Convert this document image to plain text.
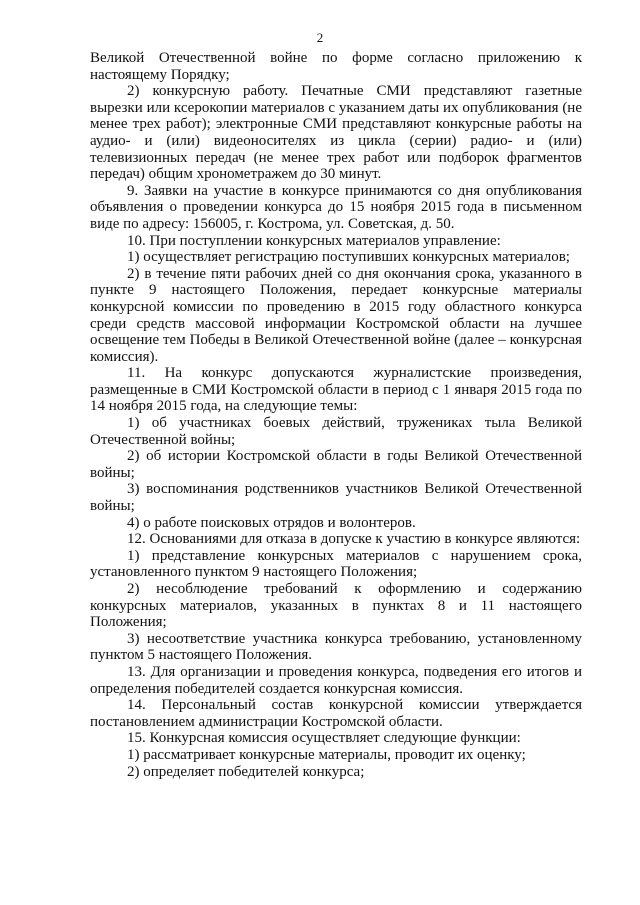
2

Великой Отечественной войне по форме согласно приложению к настоящему Порядку;

2) конкурсную работу. Печатные СМИ представляют газетные вырезки или ксерокопии материалов с указанием даты их опубликования (не менее трех работ); электронные СМИ представляют конкурсные работы на аудио- и (или) видеоносителях из цикла (серии) радио- и (или) телевизионных передач (не менее трех работ или подборок фрагментов передач) общим хронометражем до 30 минут.

9. Заявки на участие в конкурсе принимаются со дня опубликования объявления о проведении конкурса до 15 ноября 2015 года в письменном виде по адресу: 156005, г. Кострома, ул. Советская, д. 50.

10. При поступлении конкурсных материалов управление:

1) осуществляет регистрацию поступивших конкурсных материалов;

2) в течение пяти рабочих дней со дня окончания срока, указанного в пункте 9 настоящего Положения, передает конкурсные материалы конкурсной комиссии по проведению в 2015 году областного конкурса среди средств массовой информации Костромской области на лучшее освещение тем Победы в Великой Отечественной войне (далее – конкурсная комиссия).

11. На конкурс допускаются журналистские произведения, размещенные в СМИ Костромской области в период с 1 января 2015 года по 14 ноября 2015 года, на следующие темы:

1) об участниках боевых действий, тружениках тыла Великой Отечественной войны;

2) об истории Костромской области в годы Великой Отечественной войны;

3) воспоминания родственников участников Великой Отечественной войны;

4) о работе поисковых отрядов и волонтеров.

12. Основаниями для отказа в допуске к участию в конкурсе являются:

1) представление конкурсных материалов с нарушением срока, установленного пунктом 9 настоящего Положения;

2) несоблюдение требований к оформлению и содержанию конкурсных материалов, указанных в пунктах 8 и 11 настоящего Положения;

3) несоответствие участника конкурса требованию, установленному пунктом 5 настоящего Положения.

13. Для организации и проведения конкурса, подведения его итогов и определения победителей создается конкурсная комиссия.

14. Персональный состав конкурсной комиссии утверждается постановлением администрации Костромской области.

15. Конкурсная комиссия осуществляет следующие функции:

1) рассматривает конкурсные материалы, проводит их оценку;

2) определяет победителей конкурса;
